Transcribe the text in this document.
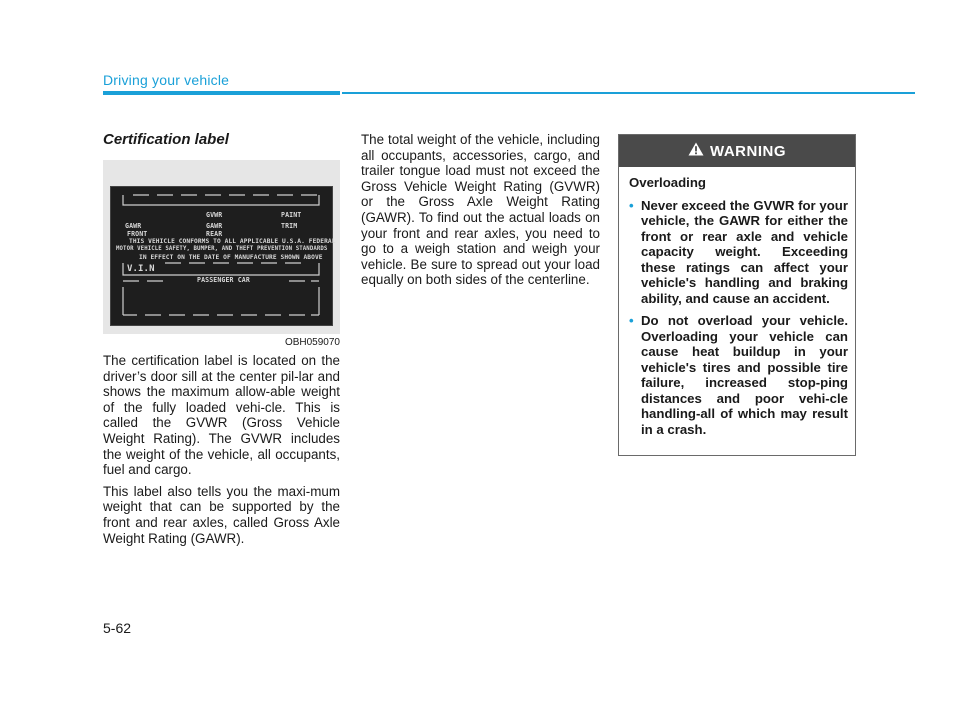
Driving your vehicle
Certification label
GVWR	PAINT
GAWR	GAWR	TRIM
FRONT	REAR
THIS VEHICLE CONFORMS TO ALL APPLICABLE U.S.A. FEDERAL
MOTOR VEHICLE SAFETY, BUMPER, AND THEFT PREVENTION STANDARDS
IN EFFECT ON THE DATE OF MANUFACTURE SHOWN ABOVE
V.I.N
PASSENGER CAR
OBH059070

The certification label is located on the driver’s door sill at the center pil-lar and shows the maximum allow-able weight of the fully loaded vehi-cle. This is called the GVWR (Gross Vehicle Weight Rating). The GVWR includes the weight of the vehicle, all occupants, fuel and cargo.

This label also tells you the maxi-mum weight that can be supported by the front and rear axles, called Gross Axle Weight Rating (GAWR).

The total weight of the vehicle, including all occupants, accessories, cargo, and trailer tongue load must not exceed the Gross Vehicle Weight Rating (GVWR) or the Gross Axle Weight Rating (GAWR). To find out the actual loads on your front and rear axles, you need to go to a weigh station and weigh your vehicle. Be sure to spread out your load equally on both sides of the centerline.

WARNING

Overloading

• Never exceed the GVWR for your vehicle, the GAWR for either the front or rear axle and vehicle capacity weight. Exceeding these ratings can affect your vehicle's handling and braking ability, and cause an accident.
• Do not overload your vehicle. Overloading your vehicle can cause heat buildup in your vehicle's tires and possible tire failure, increased stop-ping distances and poor vehi-cle handling-all of which may result in a crash.
5-62
